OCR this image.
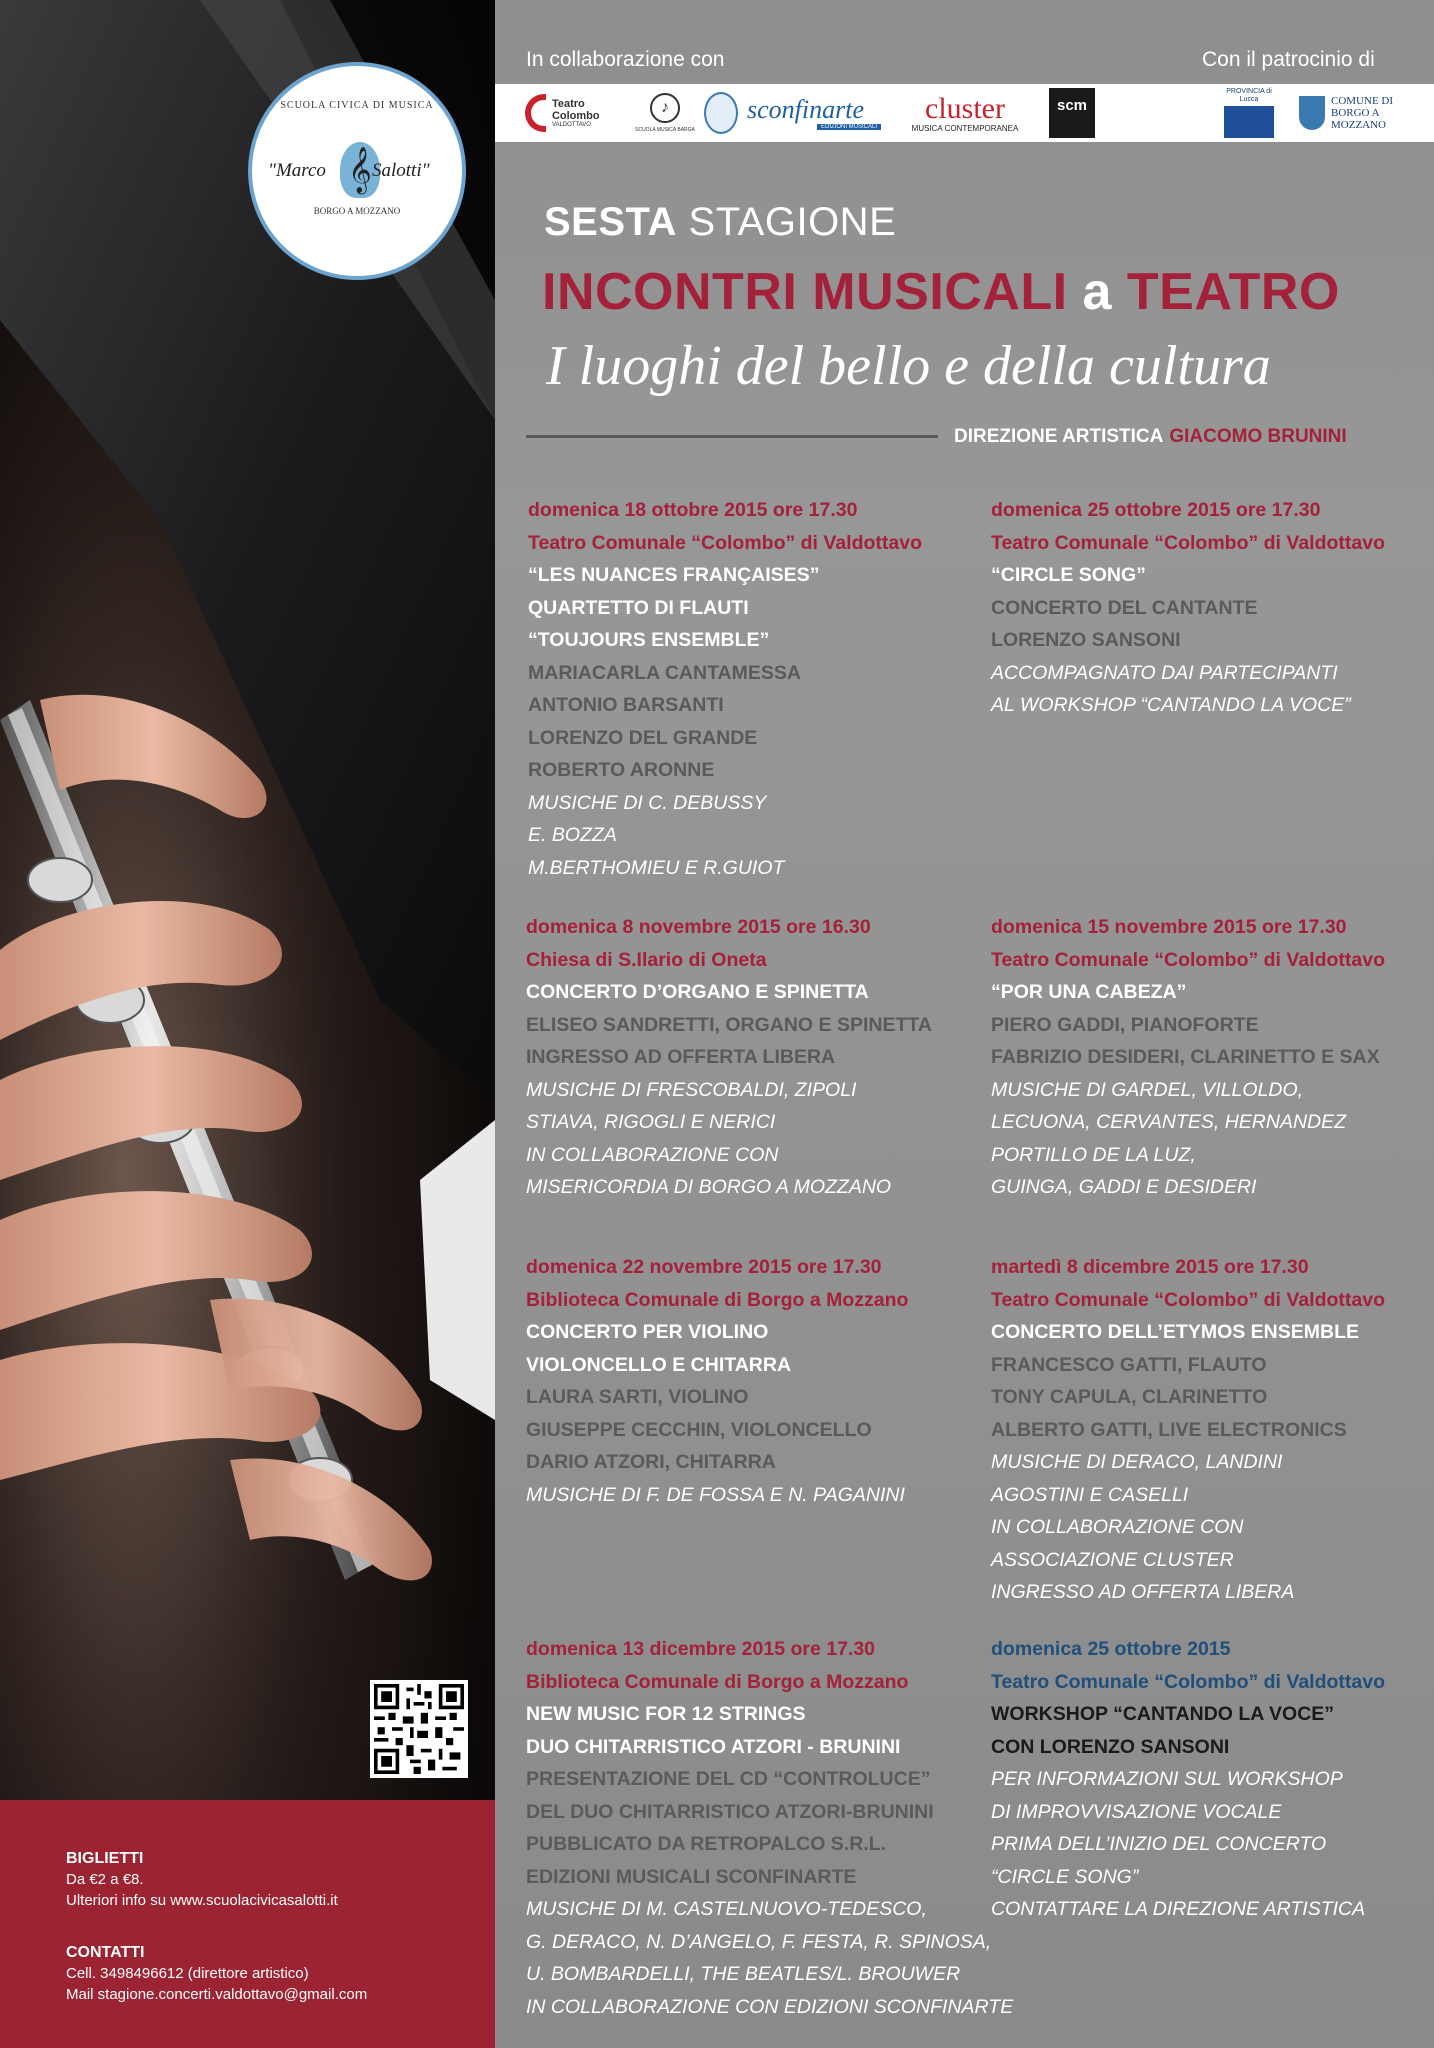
SCUOLA CIVICA DI MUSICA
𝄞
"Marco Salotti"
BORGO A MOZZANO
BIGLIETTI
Da €2 a €8.
Ulteriori info su www.scuolacivicasalotti.it
CONTATTI
Cell. 3498496612 (direttore artistico)
Mail stagione.concerti.valdottavo@gmail.com
In collaborazione con	Con il patrocinio di
Teatro Colombo
VALDOTTAVO
♪
SCUOLA MUSICA BARGA
sconfinarte
EDIZIONI MUSICALI
cluster
MUSICA CONTEMPORANEA
scm
PROVINCIA di Lucca	COMUNE DI BORGO A MOZZANO
SESTA STAGIONE
INCONTRI MUSICALI a TEATRO
I luoghi del bello e della cultura
DIREZIONE ARTISTICA GIACOMO BRUNINI
domenica 18 ottobre 2015 ore 17.30
Teatro Comunale “Colombo” di Valdottavo
“LES NUANCES FRANÇAISES”
QUARTETTO DI FLAUTI
“TOUJOURS ENSEMBLE”
MARIACARLA CANTAMESSA
ANTONIO BARSANTI
LORENZO DEL GRANDE
ROBERTO ARONNE
MUSICHE DI C. DEBUSSY
E. BOZZA
M.BERTHOMIEU E R.GUIOT
domenica 25 ottobre 2015 ore 17.30
Teatro Comunale “Colombo” di Valdottavo
“CIRCLE SONG”
CONCERTO DEL CANTANTE
LORENZO SANSONI
ACCOMPAGNATO DAI PARTECIPANTI
AL WORKSHOP “CANTANDO LA VOCE”
domenica 8 novembre 2015 ore 16.30
Chiesa di S.Ilario di Oneta
CONCERTO D’ORGANO E SPINETTA
ELISEO SANDRETTI, ORGANO E SPINETTA
INGRESSO AD OFFERTA LIBERA
MUSICHE DI FRESCOBALDI, ZIPOLI
STIAVA, RIGOGLI E NERICI
IN COLLABORAZIONE CON
MISERICORDIA DI BORGO A MOZZANO
domenica 15 novembre 2015 ore 17.30
Teatro Comunale “Colombo” di Valdottavo
“POR UNA CABEZA”
PIERO GADDI, PIANOFORTE
FABRIZIO DESIDERI, CLARINETTO E SAX
MUSICHE DI GARDEL, VILLOLDO,
LECUONA, CERVANTES, HERNANDEZ
PORTILLO DE LA LUZ,
GUINGA, GADDI E DESIDERI
domenica 22 novembre 2015 ore 17.30
Biblioteca Comunale di Borgo a Mozzano
CONCERTO PER VIOLINO
VIOLONCELLO E CHITARRA
LAURA SARTI, VIOLINO
GIUSEPPE CECCHIN, VIOLONCELLO
DARIO ATZORI, CHITARRA
MUSICHE DI F. DE FOSSA E N. PAGANINI
martedì 8 dicembre 2015 ore 17.30
Teatro Comunale “Colombo” di Valdottavo
CONCERTO DELL’ETYMOS ENSEMBLE
FRANCESCO GATTI, FLAUTO
TONY CAPULA, CLARINETTO
ALBERTO GATTI, LIVE ELECTRONICS
MUSICHE DI DERACO, LANDINI
AGOSTINI E CASELLI
IN COLLABORAZIONE CON
ASSOCIAZIONE CLUSTER
INGRESSO AD OFFERTA LIBERA
domenica 13 dicembre 2015 ore 17.30
Biblioteca Comunale di Borgo a Mozzano
NEW MUSIC FOR 12 STRINGS
DUO CHITARRISTICO ATZORI - BRUNINI
PRESENTAZIONE DEL CD “CONTROLUCE”
DEL DUO CHITARRISTICO ATZORI-BRUNINI
PUBBLICATO DA RETROPALCO S.R.L.
EDIZIONI MUSICALI SCONFINARTE
MUSICHE DI M. CASTELNUOVO-TEDESCO,
G. DERACO, N. D’ANGELO, F. FESTA, R. SPINOSA,
U. BOMBARDELLI, THE BEATLES/L. BROUWER
IN COLLABORAZIONE CON EDIZIONI SCONFINARTE
domenica 25 ottobre 2015
Teatro Comunale “Colombo” di Valdottavo
WORKSHOP “CANTANDO LA VOCE”
CON LORENZO SANSONI
PER INFORMAZIONI SUL WORKSHOP
DI IMPROVVISAZIONE VOCALE
PRIMA DELL’INIZIO DEL CONCERTO
“CIRCLE SONG”
CONTATTARE LA DIREZIONE ARTISTICA
